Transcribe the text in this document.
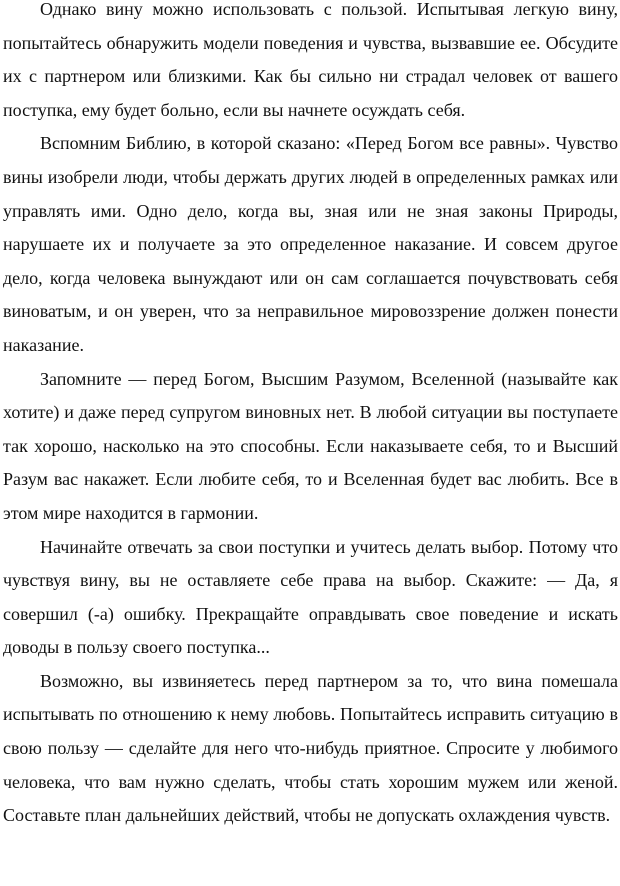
Однако вину можно использовать с пользой. Испытывая легкую вину, попытайтесь обнаружить модели поведения и чувства, вызвавшие ее. Обсудите их с партнером или близкими. Как бы сильно ни страдал человек от вашего поступка, ему будет больно, если вы начнете осуждать себя.

Вспомним Библию, в которой сказано: «Перед Богом все равны». Чувство вины изобрели люди, чтобы держать других людей в определенных рамках или управлять ими. Одно дело, когда вы, зная или не зная законы Природы, нарушаете их и получаете за это определенное наказание. И совсем другое дело, когда человека вынуждают или он сам соглашается почувствовать себя виноватым, и он уверен, что за неправильное мировоззрение должен понести наказание.

Запомните — перед Богом, Высшим Разумом, Вселенной (называйте как хотите) и даже перед супругом виновных нет. В любой ситуации вы поступаете так хорошо, насколько на это способны. Если наказываете себя, то и Высший Разум вас накажет. Если любите себя, то и Вселенная будет вас любить. Все в этом мире находится в гармонии.

Начинайте отвечать за свои поступки и учитесь делать выбор. Потому что чувствуя вину, вы не оставляете себе права на выбор. Скажите: — Да, я совершил (-а) ошибку. Прекращайте оправдывать свое поведение и искать доводы в пользу своего поступка...

Возможно, вы извиняетесь перед партнером за то, что вина помешала испытывать по отношению к нему любовь. Попытайтесь исправить ситуацию в свою пользу — сделайте для него что-нибудь приятное. Спросите у любимого человека, что вам нужно сделать, чтобы стать хорошим мужем или женой. Составьте план дальнейших действий, чтобы не допускать охлаждения чувств.
